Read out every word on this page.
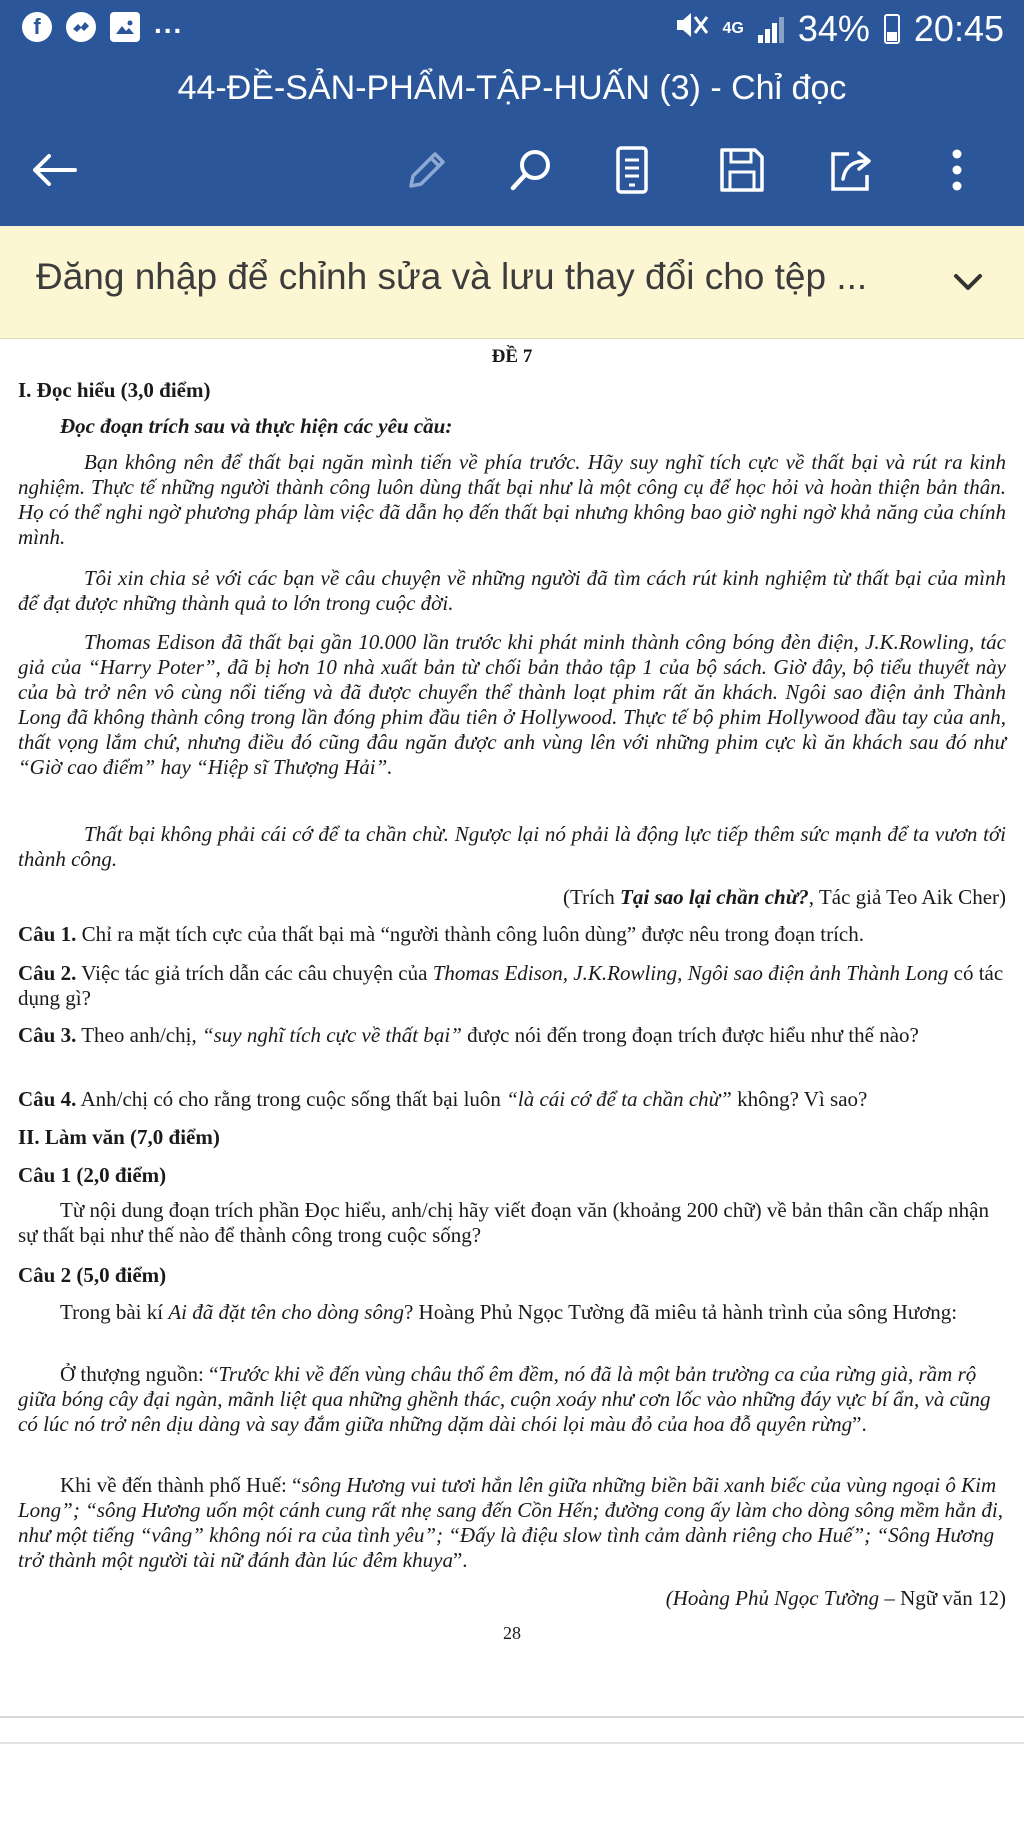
f	...	4G 34% 20:45
44-ĐỀ-SẢN-PHẨM-TẬP-HUẤN (3) - Chỉ đọc
Đăng nhập để chỉnh sửa và lưu thay đổi cho tệp ...

ĐỀ 7

I. Đọc hiểu (3,0 điểm)

Đọc đoạn trích sau và thực hiện các yêu cầu:

Bạn không nên để thất bại ngăn mình tiến về phía trước. Hãy suy nghĩ tích cực về thất bại và rút ra kinh nghiệm. Thực tế những người thành công luôn dùng thất bại như là một công cụ để học hỏi và hoàn thiện bản thân. Họ có thể nghi ngờ phương pháp làm việc đã dẫn họ đến thất bại nhưng không bao giờ nghi ngờ khả năng của chính mình.

Tôi xin chia sẻ với các bạn về câu chuyện về những người đã tìm cách rút kinh nghiệm từ thất bại của mình để đạt được những thành quả to lớn trong cuộc đời.

Thomas Edison đã thất bại gần 10.000 lần trước khi phát minh thành công bóng đèn điện, J.K.Rowling, tác giả của “Harry Poter”, đã bị hơn 10 nhà xuất bản từ chối bản thảo tập 1 của bộ sách. Giờ đây, bộ tiểu thuyết này của bà trở nên vô cùng nổi tiếng và đã được chuyển thể thành loạt phim rất ăn khách. Ngôi sao điện ảnh Thành Long đã không thành công trong lần đóng phim đầu tiên ở Hollywood. Thực tế bộ phim Hollywood đầu tay của anh, thất vọng lắm chứ, nhưng điều đó cũng đâu ngăn được anh vùng lên với những phim cực kì ăn khách sau đó như “Giờ cao điểm” hay “Hiệp sĩ Thượng Hải”.

Thất bại không phải cái cớ để ta chần chừ. Ngược lại nó phải là động lực tiếp thêm sức mạnh để ta vươn tới thành công.

(Trích Tại sao lại chần chừ?, Tác giả Teo Aik Cher)

Câu 1. Chỉ ra mặt tích cực của thất bại mà “người thành công luôn dùng” được nêu trong đoạn trích.

Câu 2. Việc tác giả trích dẫn các câu chuyện của Thomas Edison, J.K.Rowling, Ngôi sao điện ảnh Thành Long có tác dụng gì?

Câu 3. Theo anh/chị, “suy nghĩ tích cực về thất bại” được nói đến trong đoạn trích được hiểu như thế nào?

Câu 4. Anh/chị có cho rằng trong cuộc sống thất bại luôn “là cái cớ để ta chần chừ” không? Vì sao?

II. Làm văn (7,0 điểm)

Câu 1 (2,0 điểm)

Từ nội dung đoạn trích phần Đọc hiểu, anh/chị hãy viết đoạn văn (khoảng 200 chữ) về bản thân cần chấp nhận sự thất bại như thế nào để thành công trong cuộc sống?

Câu 2 (5,0 điểm)

Trong bài kí Ai đã đặt tên cho dòng sông? Hoàng Phủ Ngọc Tường đã miêu tả hành trình của sông Hương:

Ở thượng nguồn: “Trước khi về đến vùng châu thổ êm đềm, nó đã là một bản trường ca của rừng già, rầm rộ giữa bóng cây đại ngàn, mãnh liệt qua những ghềnh thác, cuộn xoáy như cơn lốc vào những đáy vực bí ẩn, và cũng có lúc nó trở nên dịu dàng và say đắm giữa những dặm dài chói lọi màu đỏ của hoa đỗ quyên rừng”.

Khi về đến thành phố Huế: “sông Hương vui tươi hẳn lên giữa những biền bãi xanh biếc của vùng ngoại ô Kim Long”; “sông Hương uốn một cánh cung rất nhẹ sang đến Cồn Hến; đường cong ấy làm cho dòng sông mềm hẳn đi, như một tiếng “vâng” không nói ra của tình yêu”; “Đấy là điệu slow tình cảm dành riêng cho Huế”; “Sông Hương trở thành một người tài nữ đánh đàn lúc đêm khuya”.

(Hoàng Phủ Ngọc Tường – Ngữ văn 12)

28
